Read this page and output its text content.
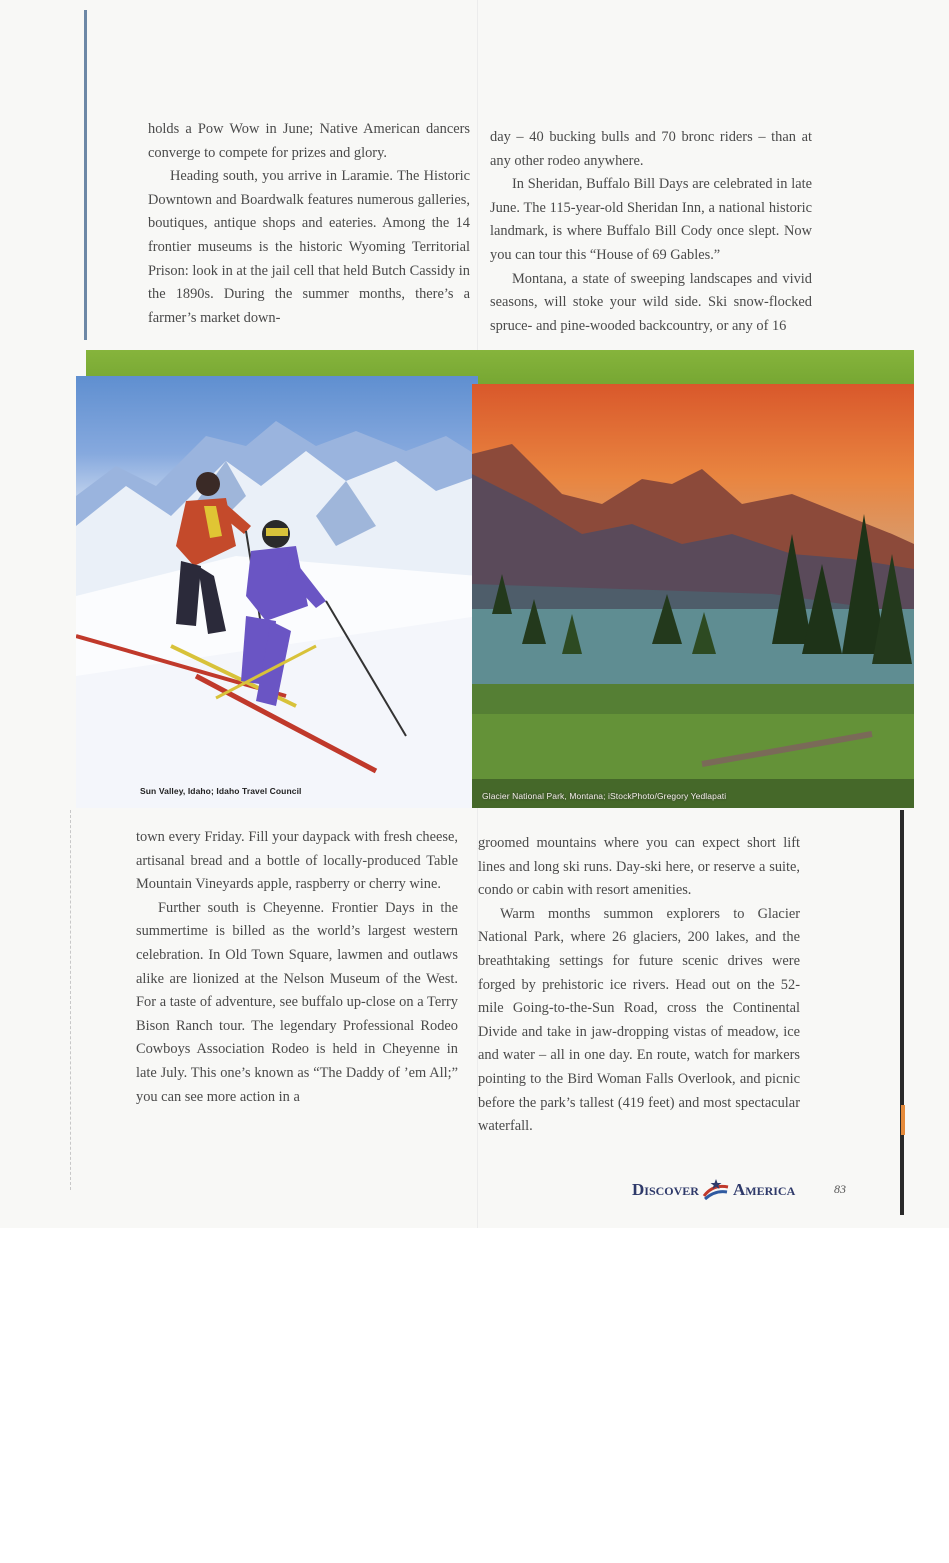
holds a Pow Wow in June; Native American dancers converge to compete for prizes and glory.

Heading south, you arrive in Laramie. The Historic Downtown and Boardwalk features numerous galleries, boutiques, antique shops and eateries. Among the 14 frontier museums is the historic Wyoming Territorial Prison: look in at the jail cell that held Butch Cassidy in the 1890s. During the summer months, there’s a farmer’s market down-

day – 40 bucking bulls and 70 bronc riders – than at any other rodeo anywhere.

In Sheridan, Buffalo Bill Days are celebrated in late June. The 115-year-old Sheridan Inn, a national historic landmark, is where Buffalo Bill Cody once slept. Now you can tour this “House of 69 Gables.”

Montana, a state of sweeping landscapes and vivid seasons, will stoke your wild side. Ski snow-flocked spruce- and pine-wooded backcountry, or any of 16

Sun Valley, Idaho; Idaho Travel Council	Glacier National Park, Montana; iStockPhoto/Gregory Yedlapati

town every Friday. Fill your daypack with fresh cheese, artisanal bread and a bottle of locally-produced Table Mountain Vineyards apple, raspberry or cherry wine.

Further south is Cheyenne. Frontier Days in the summertime is billed as the world’s largest western celebration. In Old Town Square, lawmen and outlaws alike are lionized at the Nelson Museum of the West. For a taste of adventure, see buffalo up-close on a Terry Bison Ranch tour. The legendary Professional Rodeo Cowboys Association Rodeo is held in Cheyenne in late July. This one’s known as “The Daddy of ’em All;” you can see more action in a

groomed mountains where you can expect short lift lines and long ski runs. Day-ski here, or reserve a suite, condo or cabin with resort amenities.

Warm months summon explorers to Glacier National Park, where 26 glaciers, 200 lakes, and the breathtaking settings for future scenic drives were forged by prehistoric ice rivers. Head out on the 52-mile Going-to-the-Sun Road, cross the Continental Divide and take in jaw-dropping vistas of meadow, ice and water – all in one day. En route, watch for markers pointing to the Bird Woman Falls Overlook, and picnic before the park’s tallest (419 feet) and most spectacular waterfall.

Discover America	83
